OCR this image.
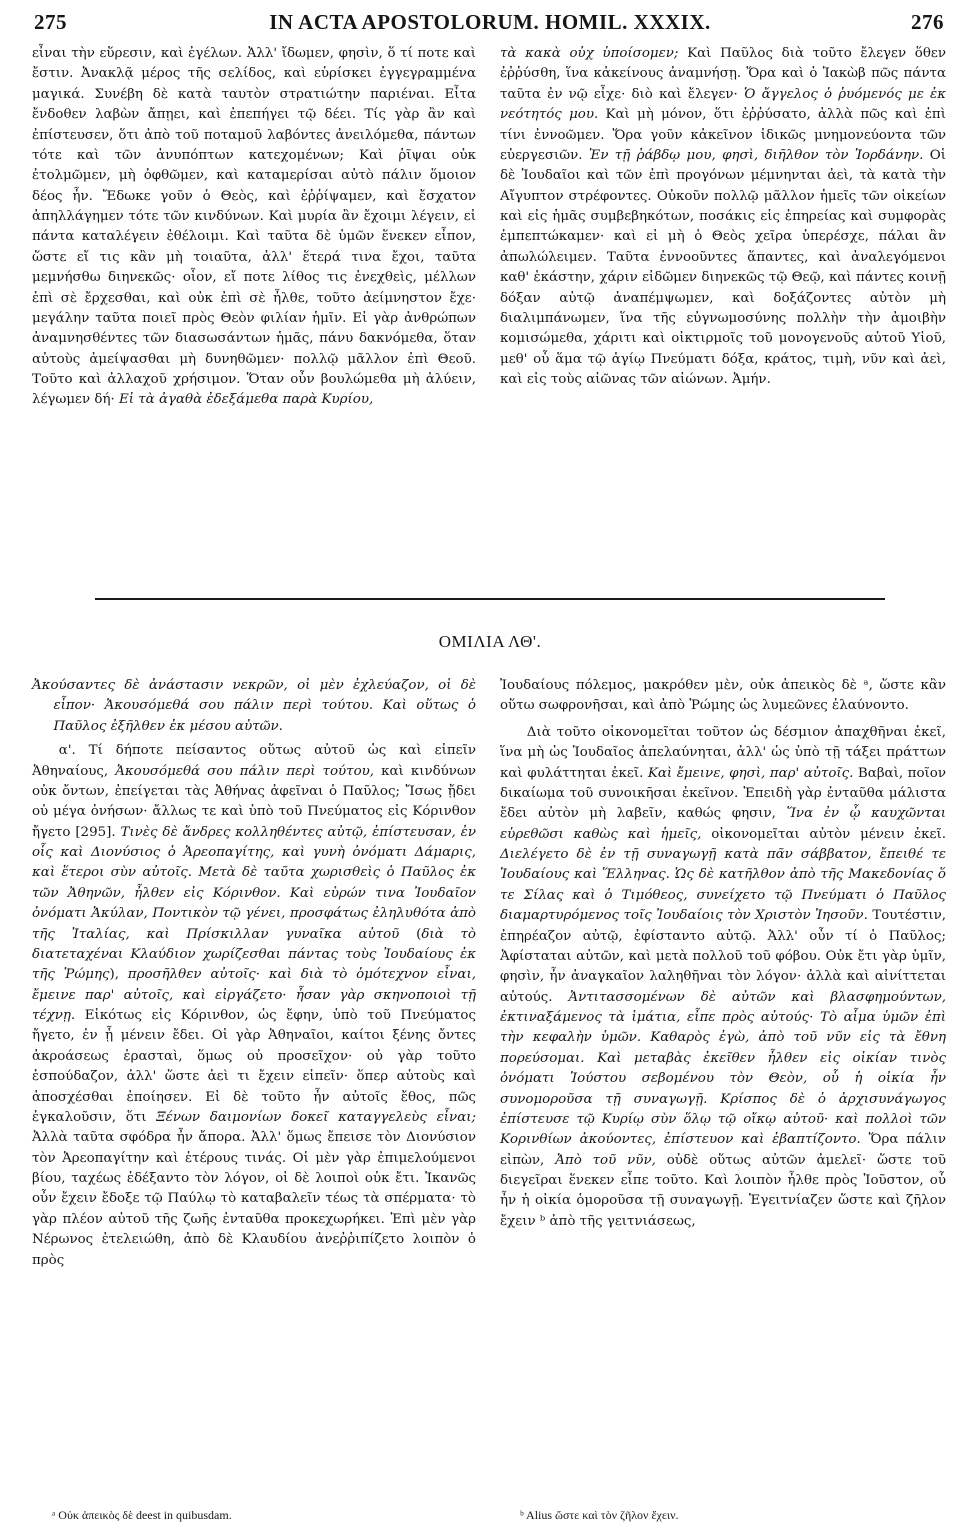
275	IN ACTA APOSTOLORUM. HOMIL. XXXIX.	276

εἶναι τὴν εὕρεσιν, καὶ ἐγέλων. Ἀλλ' ἴδωμεν, φησὶν, ὅ τί ποτε καὶ ἔστιν. Ἀνακλᾷ μέρος τῆς σελίδος, καὶ εὑρίσκει ἐγγεγραμμένα μαγικά. Συνέβη δὲ κατὰ ταυτὸν στρατιώτην παριέναι. Εἶτα ἔνδοθεν λαβὼν ἄπῃει, καὶ ἐπεπήγει τῷ δέει. Τίς γὰρ ἂν καὶ ἐπίστευσεν, ὅτι ἀπὸ τοῦ ποταμοῦ λαβόντες ἀνειλόμεθα, πάντων τότε καὶ τῶν ἀνυπόπτων κατεχομένων; Καὶ ῥῖψαι οὐκ ἐτολμῶμεν, μὴ ὀφθῶμεν, καὶ καταμερίσαι αὐτὸ πάλιν ὅμοιον δέος ἦν. Ἔδωκε γοῦν ὁ Θεὸς, καὶ ἐῤῥίψαμεν, καὶ ἔσχατον ἀπηλλάγημεν τότε τῶν κινδύνων. Καὶ μυρία ἂν ἔχοιμι λέγειν, εἰ πάντα καταλέγειν ἐθέλοιμι. Καὶ ταῦτα δὲ ὑμῶν ἕνεκεν εἶπον, ὥστε εἴ τις κἂν μὴ τοιαῦτα, ἀλλ' ἕτερά τινα ἔχοι, ταῦτα μεμνήσθω διηνεκῶς· οἷον, εἴ ποτε λίθος τις ἐνεχθεὶς, μέλλων ἐπὶ σὲ ἔρχεσθαι, καὶ οὐκ ἐπὶ σὲ ἦλθε, τοῦτο ἀείμνηστον ἔχε· μεγάλην ταῦτα ποιεῖ πρὸς Θεὸν φιλίαν ἡμῖν. Εἰ γὰρ ἀνθρώπων ἀναμνησθέντες τῶν διασωσάντων ἡμᾶς, πάνυ δακνόμεθα, ὅταν αὐτοὺς ἀμείψασθαι μὴ δυνηθῶμεν· πολλῷ μᾶλλον ἐπὶ Θεοῦ. Τοῦτο καὶ ἀλλαχοῦ χρήσιμον. Ὅταν οὖν βουλώμεθα μὴ ἀλύειν, λέγωμεν δή· Εἰ τὰ ἀγαθὰ ἐδεξάμεθα παρὰ Κυρίου,

τὰ κακὰ οὐχ ὑποίσομεν; Καὶ Παῦλος διὰ τοῦτο ἔλεγεν ὅθεν ἐῤῥύσθη, ἵνα κἀκείνους ἀναμνήσῃ. Ὅρα καὶ ὁ Ἰακὼβ πῶς πάντα ταῦτα ἐν νῷ εἶχε· διὸ καὶ ἔλεγεν· Ὁ ἄγγελος ὁ ῥυόμενός με ἐκ νεότητός μου. Καὶ μὴ μόνον, ὅτι ἐῤῥύσατο, ἀλλὰ πῶς καὶ ἐπὶ τίνι ἐννοῶμεν. Ὅρα γοῦν κἀκεῖνον ἰδικῶς μνημονεύοντα τῶν εὐεργεσιῶν. Ἐν τῇ ῥάβδῳ μου, φησὶ, διῆλθον τὸν Ἰορδάνην. Οἱ δὲ Ἰουδαῖοι καὶ τῶν ἐπὶ προγόνων μέμνηνται ἀεὶ, τὰ κατὰ τὴν Αἴγυπτον στρέφοντες. Οὐκοῦν πολλῷ μᾶλλον ἡμεῖς τῶν οἰκείων καὶ εἰς ἡμᾶς συμβεβηκότων, ποσάκις εἰς ἐπηρείας καὶ συμφορὰς ἐμπεπτώκαμεν· καὶ εἰ μὴ ὁ Θεὸς χεῖρα ὑπερέσχε, πάλαι ἂν ἀπωλώλειμεν. Ταῦτα ἐννοοῦντες ἅπαντες, καὶ ἀναλεγόμενοι καθ' ἑκάστην, χάριν εἰδῶμεν διηνεκῶς τῷ Θεῷ, καὶ πάντες κοινῇ δόξαν αὐτῷ ἀναπέμψωμεν, καὶ δοξάζοντες αὐτὸν μὴ διαλιμπάνωμεν, ἵνα τῆς εὐγνωμοσύνης πολλὴν τὴν ἀμοιβὴν κομισώμεθα, χάριτι καὶ οἰκτιρμοῖς τοῦ μονογενοῦς αὐτοῦ Υἱοῦ, μεθ' οὗ ἅμα τῷ ἁγίῳ Πνεύματι δόξα, κράτος, τιμὴ, νῦν καὶ ἀεὶ, καὶ εἰς τοὺς αἰῶνας τῶν αἰώνων. Ἀμήν.

ΟΜΙΛΙΑ ΛΘ'.

Ἀκούσαντες δὲ ἀνάστασιν νεκρῶν, οἱ μὲν ἐχλεύαζον, οἱ δὲ εἶπον· Ἀκουσόμεθά σου πάλιν περὶ τούτου. Καὶ οὕτως ὁ Παῦλος ἐξῆλθεν ἐκ μέσου αὐτῶν.

α'. Τί δήποτε πείσαντος οὕτως αὐτοῦ ὡς καὶ εἰπεῖν Ἀθηναίους, Ἀκουσόμεθά σου πάλιν περὶ τούτου, καὶ κινδύνων οὐκ ὄντων, ἐπείγεται τὰς Ἀθήνας ἀφεῖναι ὁ Παῦλος; Ἴσως ᾔδει οὐ μέγα ὀνήσων· ἄλλως τε καὶ ὑπὸ τοῦ Πνεύματος εἰς Κόρινθον ἤγετο [295]. Τινὲς δὲ ἄνδρες κολληθέντες αὐτῷ, ἐπίστευσαν, ἐν οἷς καὶ Διονύσιος ὁ Ἀρεοπαγίτης, καὶ γυνὴ ὀνόματι Δάμαρις, καὶ ἕτεροι σὺν αὐτοῖς. Μετὰ δὲ ταῦτα χωρισθεὶς ὁ Παῦλος ἐκ τῶν Ἀθηνῶν, ἦλθεν εἰς Κόρινθον. Καὶ εὑρών τινα Ἰουδαῖον ὀνόματι Ἀκύλαν, Ποντικὸν τῷ γένει, προσφάτως ἐληλυθότα ἀπὸ τῆς Ἰταλίας, καὶ Πρίσκιλλαν γυναῖκα αὐτοῦ (διὰ τὸ διατεταχέναι Κλαύδιον χωρίζεσθαι πάντας τοὺς Ἰουδαίους ἐκ τῆς Ῥώμης), προσῆλθεν αὐτοῖς· καὶ διὰ τὸ ὁμότεχνον εἶναι, ἔμεινε παρ' αὐτοῖς, καὶ εἰργάζετο· ἦσαν γὰρ σκηνοποιοὶ τῇ τέχνῃ. Εἰκότως εἰς Κόρινθον, ὡς ἔφην, ὑπὸ τοῦ Πνεύματος ἤγετο, ἐν ᾗ μένειν ἔδει. Οἱ γὰρ Ἀθηναῖοι, καίτοι ξένης ὄντες ἀκροάσεως ἐρασταὶ, ὅμως οὐ προσεῖχον· οὐ γὰρ τοῦτο ἐσπούδαζον, ἀλλ' ὥστε ἀεὶ τι ἔχειν εἰπεῖν· ὅπερ αὐτοὺς καὶ ἀποσχέσθαι ἐποίησεν. Εἰ δὲ τοῦτο ἦν αὐτοῖς ἔθος, πῶς ἐγκαλοῦσιν, ὅτι Ξένων δαιμονίων δοκεῖ καταγγελεὺς εἶναι; Ἀλλὰ ταῦτα σφόδρα ἦν ἄπορα. Ἀλλ' ὅμως ἔπεισε τὸν Διονύσιον τὸν Ἀρεοπαγίτην καὶ ἑτέρους τινάς. Οἱ μὲν γὰρ ἐπιμελούμενοι βίου, ταχέως ἐδέξαντο τὸν λόγον, οἱ δὲ λοιποὶ οὐκ ἔτι. Ἱκανῶς οὖν ἔχειν ἔδοξε τῷ Παύλῳ τὸ καταβαλεῖν τέως τὰ σπέρματα· τὸ γὰρ πλέον αὐτοῦ τῆς ζωῆς ἐνταῦθα προκεχωρήκει. Ἐπὶ μὲν γὰρ Νέρωνος ἐτελειώθη, ἀπὸ δὲ Κλαυδίου ἀνεῤῥιπίζετο λοιπὸν ὁ πρὸς

Ἰουδαίους πόλεμος, μακρόθεν μὲν, οὐκ ἀπεικὸς δὲ ᵃ, ὥστε κἂν οὕτω σωφρονῆσαι, καὶ ἀπὸ Ῥώμης ὡς λυμεῶνες ἐλαύνοντο.

Διὰ τοῦτο οἰκονομεῖται τοῦτον ὡς δέσμιον ἀπαχθῆναι ἐκεῖ, ἵνα μὴ ὡς Ἰουδαῖος ἀπελαύνηται, ἀλλ' ὡς ὑπὸ τῇ τάξει πράττων καὶ φυλάττηται ἐκεῖ. Καὶ ἔμεινε, φησὶ, παρ' αὐτοῖς. Βαβαὶ, ποῖον δικαίωμα τοῦ συνοικῆσαι ἐκεῖνον. Ἐπειδὴ γὰρ ἐνταῦθα μάλιστα ἔδει αὐτὸν μὴ λαβεῖν, καθώς φησιν, Ἵνα ἐν ᾧ καυχῶνται εὑρεθῶσι καθὼς καὶ ἡμεῖς, οἰκονομεῖται αὐτὸν μένειν ἐκεῖ. Διελέγετο δὲ ἐν τῇ συναγωγῇ κατὰ πᾶν σάββατον, ἔπειθέ τε Ἰουδαίους καὶ Ἕλληνας. Ὡς δὲ κατῆλθον ἀπὸ τῆς Μακεδονίας ὅ τε Σίλας καὶ ὁ Τιμόθεος, συνείχετο τῷ Πνεύματι ὁ Παῦλος διαμαρτυρόμενος τοῖς Ἰουδαίοις τὸν Χριστὸν Ἰησοῦν. Τουτέστιν, ἐπηρέαζον αὐτῷ, ἐφίσταντο αὐτῷ. Ἀλλ' οὖν τί ὁ Παῦλος; Ἀφίσταται αὐτῶν, καὶ μετὰ πολλοῦ τοῦ φόβου. Οὐκ ἔτι γὰρ ὑμῖν, φησὶν, ἦν ἀναγκαῖον λαληθῆναι τὸν λόγον· ἀλλὰ καὶ αἰνίττεται αὐτούς. Ἀντιτασσομένων δὲ αὐτῶν καὶ βλασφημούντων, ἐκτιναξάμενος τὰ ἱμάτια, εἶπε πρὸς αὐτούς· Τὸ αἷμα ὑμῶν ἐπὶ τὴν κεφαλὴν ὑμῶν. Καθαρὸς ἐγὼ, ἀπὸ τοῦ νῦν εἰς τὰ ἔθνη πορεύσομαι. Καὶ μεταβὰς ἐκεῖθεν ἦλθεν εἰς οἰκίαν τινὸς ὀνόματι Ἰούστου σεβομένου τὸν Θεὸν, οὗ ἡ οἰκία ἦν συνομοροῦσα τῇ συναγωγῇ. Κρίσπος δὲ ὁ ἀρχισυνάγωγος ἐπίστευσε τῷ Κυρίῳ σὺν ὅλῳ τῷ οἴκῳ αὐτοῦ· καὶ πολλοὶ τῶν Κορινθίων ἀκούοντες, ἐπίστευον καὶ ἐβαπτίζοντο. Ὅρα πάλιν εἰπὼν, Ἀπὸ τοῦ νῦν, οὐδὲ οὕτως αὐτῶν ἀμελεῖ· ὥστε τοῦ διεγεῖραι ἕνεκεν εἶπε τοῦτο. Καὶ λοιπὸν ἦλθε πρὸς Ἰοῦστον, οὗ ἦν ἡ οἰκία ὁμοροῦσα τῇ συναγωγῇ. Ἐγειτνίαζεν ὥστε καὶ ζῆλον ἔχειν ᵇ ἀπὸ τῆς γειτνιάσεως,

ᵃ Οὐκ ἀπεικὸς δὲ deest in quibusdam.	ᵇ Alius ὥστε καὶ τὸν ζῆλον ἔχειν.
